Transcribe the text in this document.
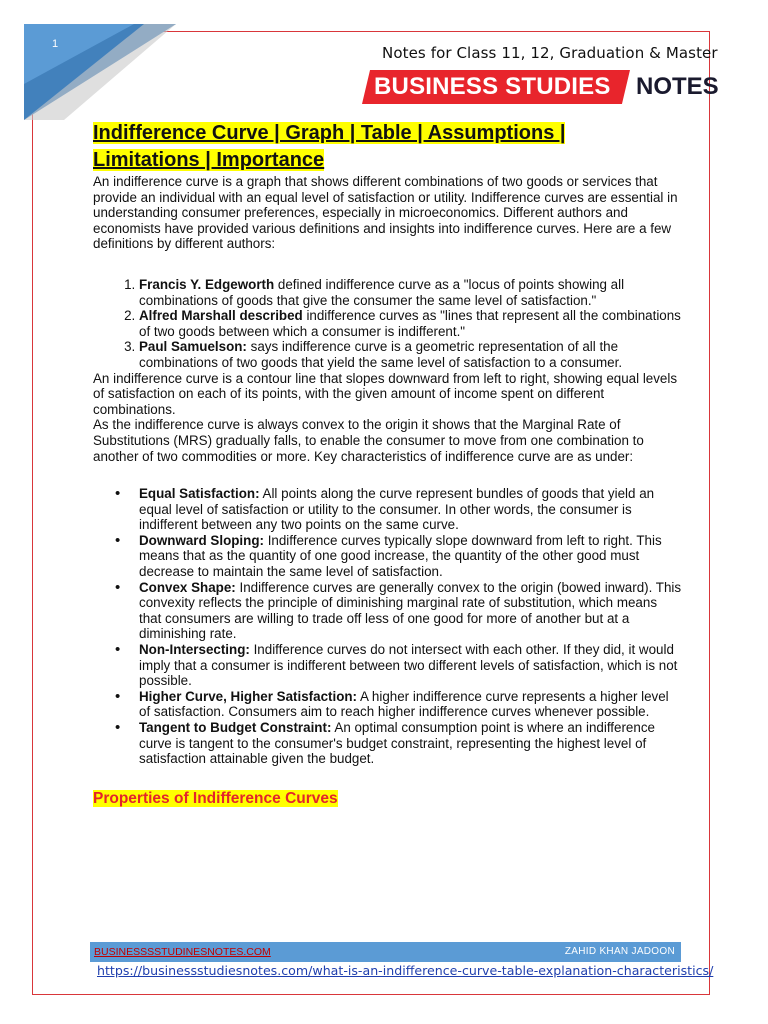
1	Notes for Class 11, 12, Graduation & Master
BUSINESS STUDIES NOTES
Indifference Curve | Graph | Table | Assumptions |
Limitations | Importance

An indifference curve is a graph that shows different combinations of two goods or services that provide an individual with an equal level of satisfaction or utility. Indifference curves are essential in understanding consumer preferences, especially in microeconomics. Different authors and economists have provided various definitions and insights into indifference curves. Here are a few definitions by different authors:

1. Francis Y. Edgeworth defined indifference curve as a "locus of points showing all combinations of goods that give the consumer the same level of satisfaction."
2. Alfred Marshall described indifference curves as "lines that represent all the combinations of two goods between which a consumer is indifferent."
3. Paul Samuelson: says indifference curve is a geometric representation of all the combinations of two goods that yield the same level of satisfaction to a consumer.

An indifference curve is a contour line that slopes downward from left to right, showing equal levels of satisfaction on each of its points, with the given amount of income spent on different combinations.

As the indifference curve is always convex to the origin it shows that the Marginal Rate of Substitutions (MRS) gradually falls, to enable the consumer to move from one combination to another of two commodities or more. Key characteristics of indifference curve are as under:

• Equal Satisfaction: All points along the curve represent bundles of goods that yield an equal level of satisfaction or utility to the consumer. In other words, the consumer is indifferent between any two points on the same curve.
• Downward Sloping: Indifference curves typically slope downward from left to right. This means that as the quantity of one good increase, the quantity of the other good must decrease to maintain the same level of satisfaction.
• Convex Shape: Indifference curves are generally convex to the origin (bowed inward). This convexity reflects the principle of diminishing marginal rate of substitution, which means that consumers are willing to trade off less of one good for more of another but at a diminishing rate.
• Non-Intersecting: Indifference curves do not intersect with each other. If they did, it would imply that a consumer is indifferent between two different levels of satisfaction, which is not possible.
• Higher Curve, Higher Satisfaction: A higher indifference curve represents a higher level of satisfaction. Consumers aim to reach higher indifference curves whenever possible.
• Tangent to Budget Constraint: An optimal consumption point is where an indifference curve is tangent to the consumer's budget constraint, representing the highest level of satisfaction attainable given the budget.
Properties of Indifference Curves
BUSINESSSSTUDINESNOTES.COM	ZAHID KHAN JADOON
https://businessstudiesnotes.com/what-is-an-indifference-curve-table-explanation-characteristics/
